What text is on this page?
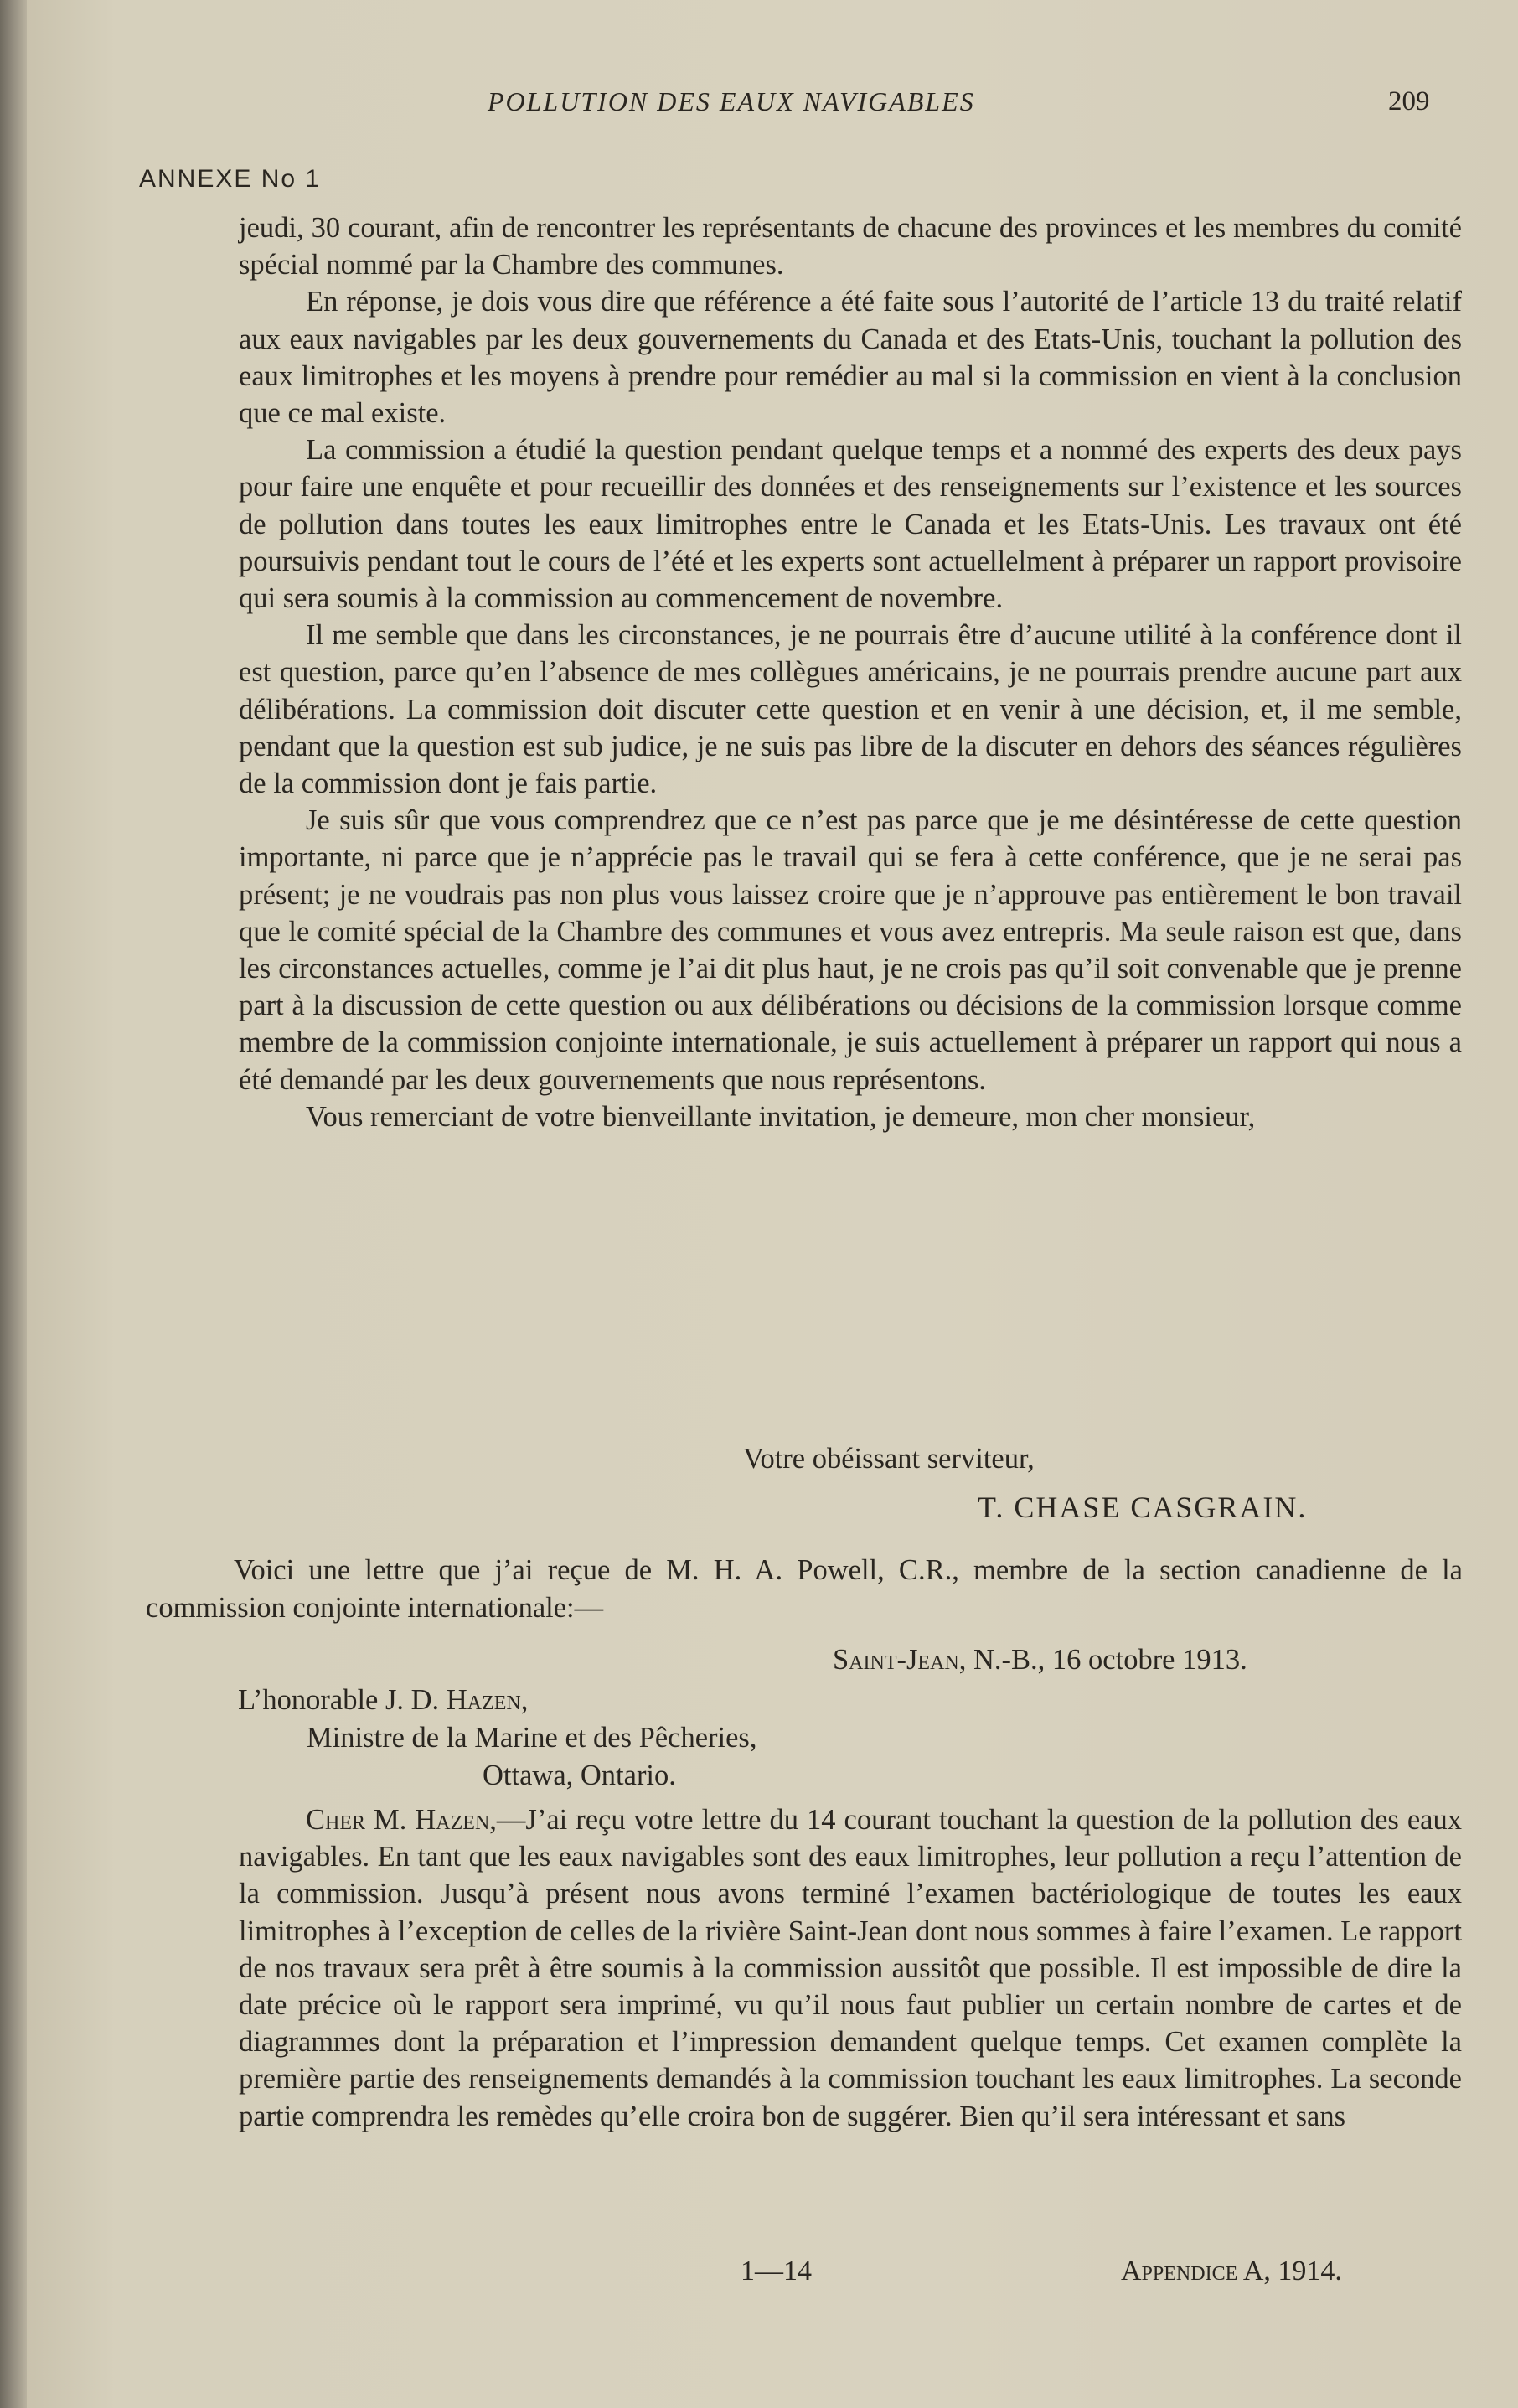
POLLUTION DES EAUX NAVIGABLES	209
ANNEXE No 1

jeudi, 30 courant, afin de rencontrer les représentants de chacune des provinces et les membres du comité spécial nommé par la Chambre des communes.

En réponse, je dois vous dire que référence a été faite sous l’autorité de l’article 13 du traité relatif aux eaux navigables par les deux gouvernements du Canada et des Etats-Unis, touchant la pollution des eaux limitrophes et les moyens à prendre pour remédier au mal si la commission en vient à la conclusion que ce mal existe.

La commission a étudié la question pendant quelque temps et a nommé des experts des deux pays pour faire une enquête et pour recueillir des données et des renseignements sur l’existence et les sources de pollution dans toutes les eaux limitrophes entre le Canada et les Etats-Unis. Les travaux ont été poursuivis pendant tout le cours de l’été et les experts sont actuellelment à préparer un rapport provisoire qui sera soumis à la commission au commencement de novembre.

Il me semble que dans les circonstances, je ne pourrais être d’aucune utilité à la conférence dont il est question, parce qu’en l’absence de mes collègues américains, je ne pourrais prendre aucune part aux délibérations. La commission doit discuter cette question et en venir à une décision, et, il me semble, pendant que la question est sub judice, je ne suis pas libre de la discuter en dehors des séances régulières de la commission dont je fais partie.

Je suis sûr que vous comprendrez que ce n’est pas parce que je me désintéresse de cette question importante, ni parce que je n’apprécie pas le travail qui se fera à cette conférence, que je ne serai pas présent; je ne voudrais pas non plus vous laissez croire que je n’approuve pas entièrement le bon travail que le comité spécial de la Chambre des communes et vous avez entrepris. Ma seule raison est que, dans les circonstances actuelles, comme je l’ai dit plus haut, je ne crois pas qu’il soit convenable que je prenne part à la discussion de cette question ou aux délibérations ou décisions de la commission lorsque comme membre de la commission conjointe internationale, je suis actuellement à préparer un rapport qui nous a été demandé par les deux gouvernements que nous représentons.

Vous remerciant de votre bienveillante invitation, je demeure, mon cher monsieur,

Votre obéissant serviteur,
T. CHASE CASGRAIN.

Voici une lettre que j’ai reçue de M. H. A. Powell, C.R., membre de la section canadienne de la commission conjointe internationale:—

Saint-Jean, N.-B., 16 octobre 1913.
L’honorable J. D. Hazen,
Ministre de la Marine et des Pêcheries,
Ottawa, Ontario.

Cher M. Hazen,—J’ai reçu votre lettre du 14 courant touchant la question de la pollution des eaux navigables. En tant que les eaux navigables sont des eaux limitrophes, leur pollution a reçu l’attention de la commission. Jusqu’à présent nous avons terminé l’examen bactériologique de toutes les eaux limitrophes à l’exception de celles de la rivière Saint-Jean dont nous sommes à faire l’examen. Le rapport de nos travaux sera prêt à être soumis à la commission aussitôt que possible. Il est impossible de dire la date précice où le rapport sera imprimé, vu qu’il nous faut publier un certain nombre de cartes et de diagrammes dont la préparation et l’impression demandent quelque temps. Cet examen complète la première partie des renseignements demandés à la commission touchant les eaux limitrophes. La seconde partie comprendra les remèdes qu’elle croira bon de suggérer. Bien qu’il sera intéressant et sans

1—14	Appendice A, 1914.
